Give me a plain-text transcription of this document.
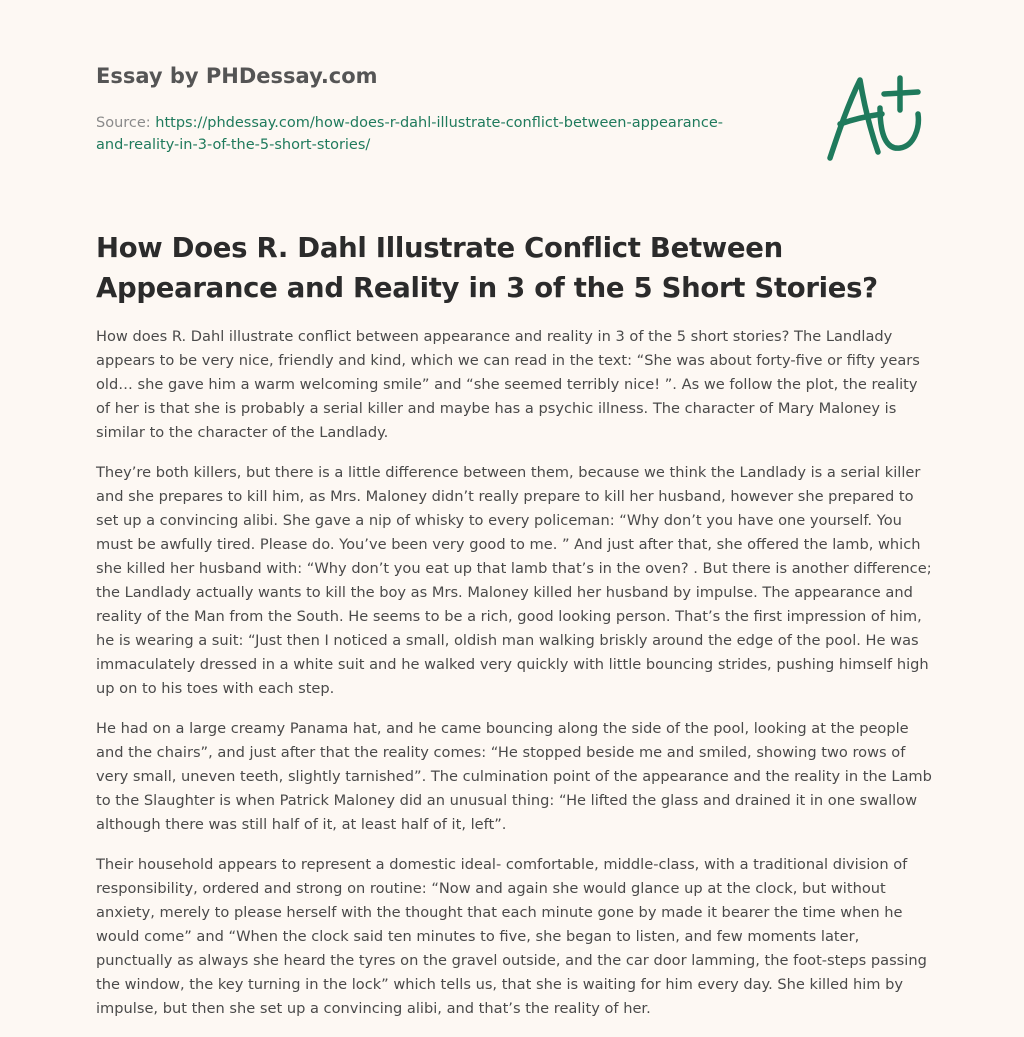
Essay by PHDessay.com
Source: https://phdessay.com/how-does-r-dahl-illustrate-conflict-between-appearance-
and-reality-in-3-of-the-5-short-stories/
How Does R. Dahl Illustrate Conflict Between Appearance and Reality in 3 of the 5 Short Stories?

How does R. Dahl illustrate conflict between appearance and reality in 3 of the 5 short stories? The Landlady appears to be very nice, friendly and kind, which we can read in the text: “She was about forty-five or fifty years old… she gave him a warm welcoming smile” and “she seemed terribly nice! ”. As we follow the plot, the reality of her is that she is probably a serial killer and maybe has a psychic illness. The character of Mary Maloney is similar to the character of the Landlady.

They’re both killers, but there is a little difference between them, because we think the Landlady is a serial killer and she prepares to kill him, as Mrs. Maloney didn’t really prepare to kill her husband, however she prepared to set up a convincing alibi. She gave a nip of whisky to every policeman: “Why don’t you have one yourself. You must be awfully tired. Please do. You’ve been very good to me. ” And just after that, she offered the lamb, which she killed her husband with: “Why don’t you eat up that lamb that’s in the oven? . But there is another difference; the Landlady actually wants to kill the boy as Mrs. Maloney killed her husband by impulse. The appearance and reality of the Man from the South. He seems to be a rich, good looking person. That’s the first impression of him, he is wearing a suit: “Just then I noticed a small, oldish man walking briskly around the edge of the pool. He was immaculately dressed in a white suit and he walked very quickly with little bouncing strides, pushing himself high up on to his toes with each step.

He had on a large creamy Panama hat, and he came bouncing along the side of the pool, looking at the people and the chairs”, and just after that the reality comes: “He stopped beside me and smiled, showing two rows of very small, uneven teeth, slightly tarnished”. The culmination point of the appearance and the reality in the Lamb to the Slaughter is when Patrick Maloney did an unusual thing: “He lifted the glass and drained it in one swallow although there was still half of it, at least half of it, left”.

Their household appears to represent a domestic ideal- comfortable, middle-class, with a traditional division of responsibility, ordered and strong on routine: “Now and again she would glance up at the clock, but without anxiety, merely to please herself with the thought that each minute gone by made it bearer the time when he would come” and “When the clock said ten minutes to five, she began to listen, and few moments later, punctually as always she heard the tyres on the gravel outside, and the car door lamming, the foot-steps passing the window, the key turning in the lock” which tells us, that she is waiting for him every day. She killed him by impulse, but then she set up a convincing alibi, and that’s the reality of her.
